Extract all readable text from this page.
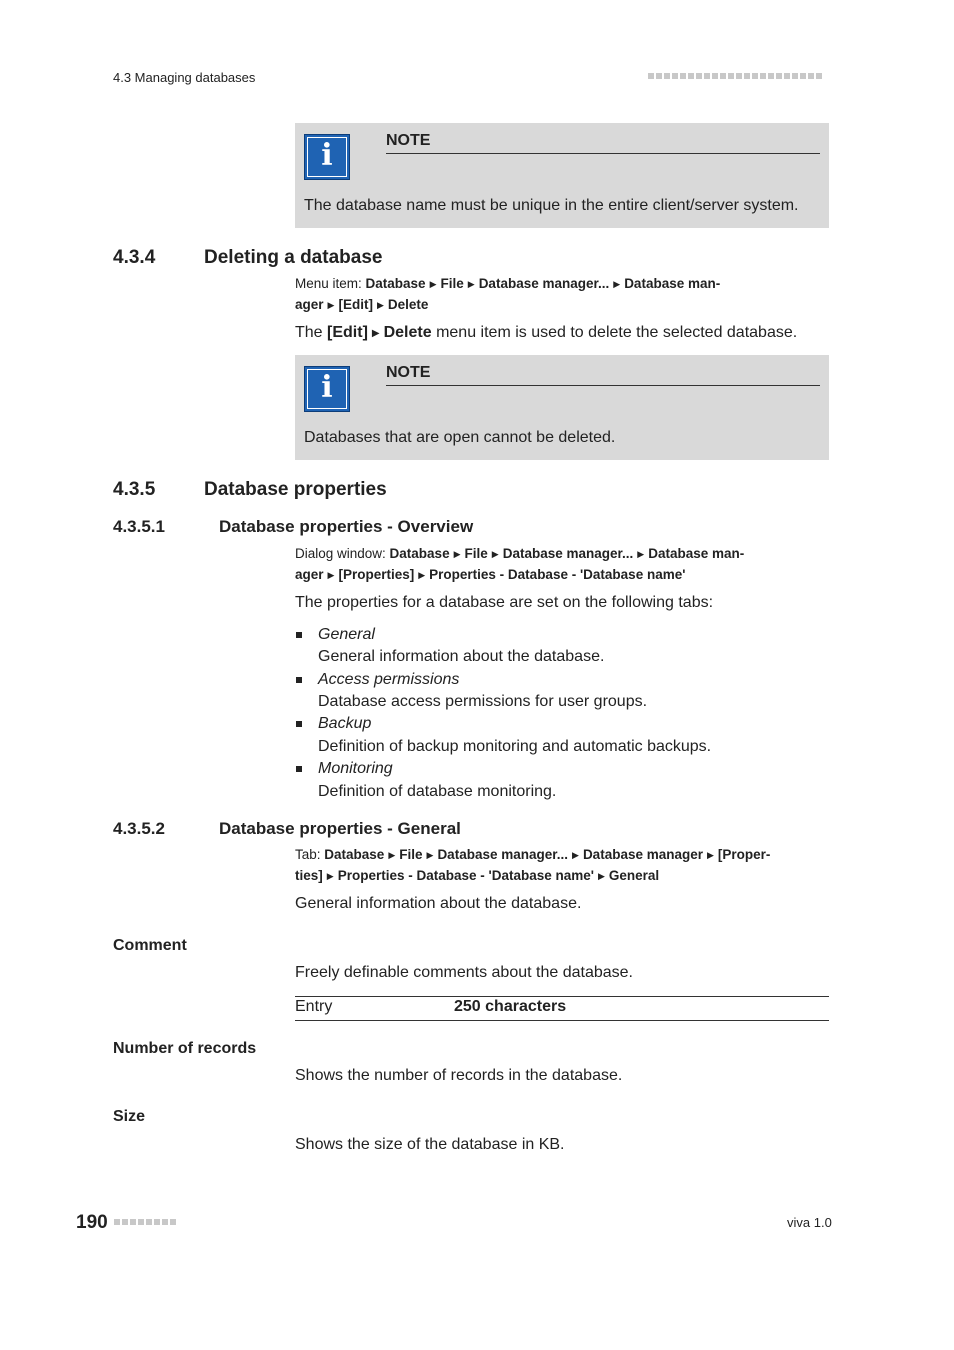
4.3 Managing databases
i	NOTE
The database name must be unique in the entire client/server system.
4.3.4	Deleting a database
Menu item: Database ▶ File ▶ Database manager... ▶ Database man-
ager ▶ [Edit] ▶ Delete
The [Edit] ▶ Delete menu item is used to delete the selected database.
i	NOTE
Databases that are open cannot be deleted.
4.3.5	Database properties
4.3.5.1	Database properties - Overview
Dialog window: Database ▶ File ▶ Database manager... ▶ Database man-
ager ▶ [Properties] ▶ Properties - Database - 'Database name'
The properties for a database are set on the following tabs:
General
General information about the database.
Access permissions
Database access permissions for user groups.
Backup
Definition of backup monitoring and automatic backups.
Monitoring
Definition of database monitoring.
4.3.5.2	Database properties - General
Tab: Database ▶ File ▶ Database manager... ▶ Database manager ▶ [Proper-
ties] ▶ Properties - Database - 'Database name' ▶ General
General information about the database.
Comment
Freely definable comments about the database.
Entry	250 characters
Number of records
Shows the number of records in the database.
Size
Shows the size of the database in KB.
190	viva 1.0
